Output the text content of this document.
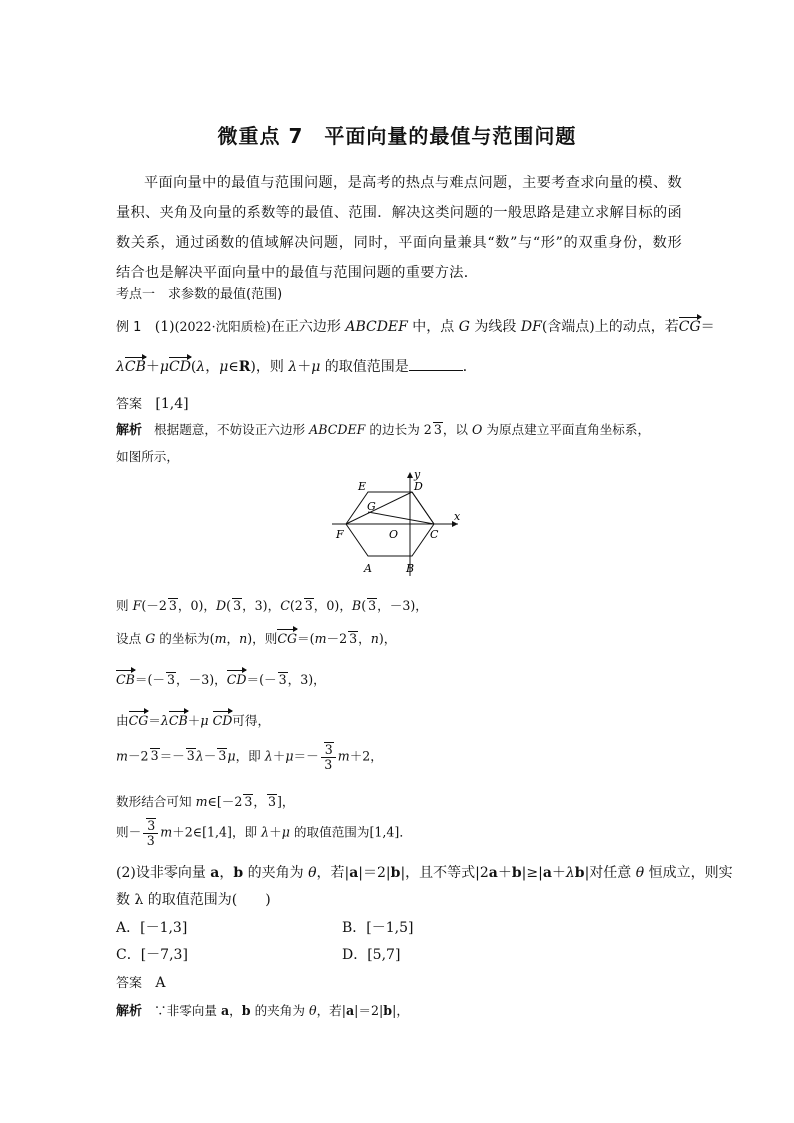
微重点 7　平面向量的最值与范围问题
平面向量中的最值与范围问题，是高考的热点与难点问题，主要考查求向量的模、数量积、夹角及向量的系数等的最值、范围．解决这类问题的一般思路是建立求解目标的函数关系，通过函数的值域解决问题，同时，平面向量兼具“数”与“形”的双重身份，数形结合也是解决平面向量中的最值与范围问题的重要方法．
考点一　求参数的最值(范围)
例 1 (1)(2022·沈阳质检)在正六边形 ABCDEF 中，点 G 为线段 DF(含端点)上的动点，若CG＝
λCB＋μCD(λ，μ∈R)，则 λ＋μ 的取值范围是	．
答案 [1,4]
解析   根据题意，不妨设正六边形 ABCDEF 的边长为 2 3，以 O 为原点建立平面直角坐标系，
如图所示，
E	D
G
F	O	C
A	B
x
y
则 F(－2 3，0)，D( 3，3)，C(2 3，0)，B( 3，－3)，
设点 G 的坐标为(m，n)，则CG＝(m－2 3，n)，
CB＝(－ 3，－3)，CD＝(－ 3，3)，
由CG＝λCB＋μ CD可得，
m－2 3＝－ 3λ－ 3μ，即 $\lambda+\mu=- \frac{3}{3} m+2$，
数形结合可知 m∈[－2 3， 3]，
则－ $\frac{3}{3}$ m＋2∈[1,4]，即 λ＋μ 的取值范围为[1,4]．
(2)设非零向量 a，b 的夹角为 θ，若|a|＝2|b|，且不等式|2a＋b|≥|a＋λb|对任意 θ 恒成立，则实
数 λ 的取值范围为(　　)
A．[－1,3]	B．[－1,5]
C．[－7,3]	D．[5,7]
答案 A
解析   ∵非零向量 a，b 的夹角为 θ，若|a|＝2|b|，
